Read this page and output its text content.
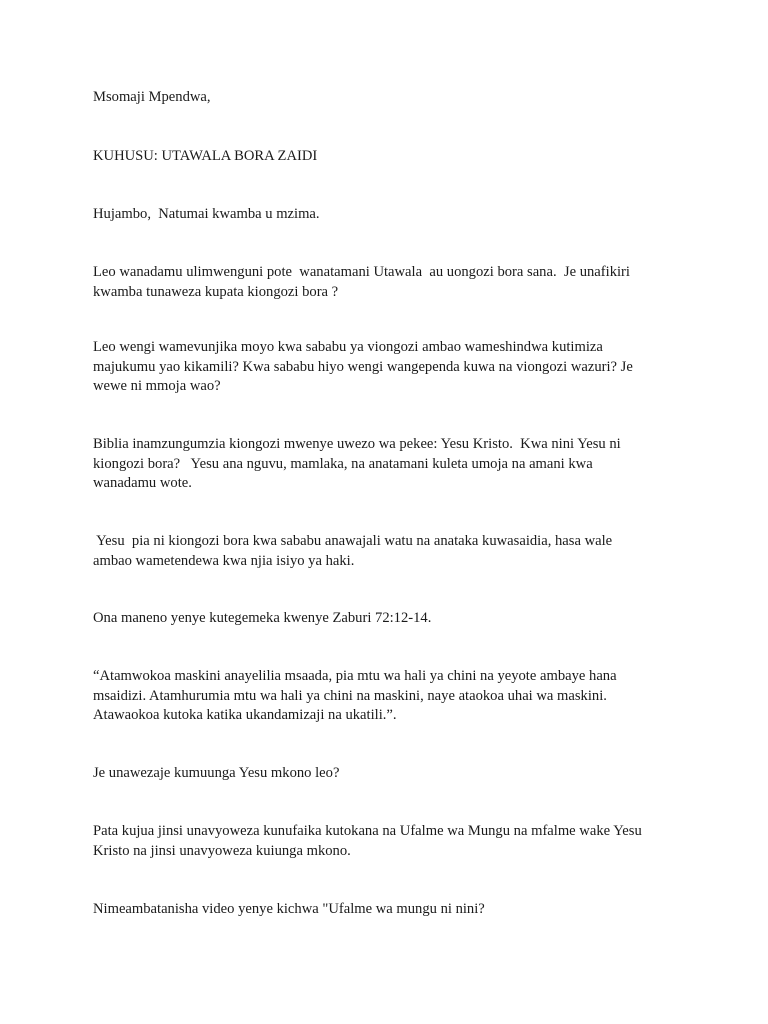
Msomaji Mpendwa,

KUHUSU: UTAWALA BORA ZAIDI

Hujambo,  Natumai kwamba u mzima.

Leo wanadamu ulimwenguni pote  wanatamani Utawala  au uongozi bora sana.  Je unafikiri
kwamba tunaweza kupata kiongozi bora ?

Leo wengi wamevunjika moyo kwa sababu ya viongozi ambao wameshindwa kutimiza
majukumu yao kikamili? Kwa sababu hiyo wengi wangependa kuwa na viongozi wazuri? Je
wewe ni mmoja wao?

Biblia inamzungumzia kiongozi mwenye uwezo wa pekee: Yesu Kristo.  Kwa nini Yesu ni
kiongozi bora?   Yesu ana nguvu, mamlaka, na anatamani kuleta umoja na amani kwa
wanadamu wote.

Yesu  pia ni kiongozi bora kwa sababu anawajali watu na anataka kuwasaidia, hasa wale
ambao wametendewa kwa njia isiyo ya haki.

Ona maneno yenye kutegemeka kwenye Zaburi 72:12-14.

“Atamwokoa maskini anayelilia msaada, pia mtu wa hali ya chini na yeyote ambaye hana
msaidizi. Atamhurumia mtu wa hali ya chini na maskini, naye ataokoa uhai wa maskini.
Atawaokoa kutoka katika ukandamizaji na ukatili.”.

Je unawezaje kumuunga Yesu mkono leo?

Pata kujua jinsi unavyoweza kunufaika kutokana na Ufalme wa Mungu na mfalme wake Yesu
Kristo na jinsi unavyoweza kuiunga mkono.

Nimeambatanisha video yenye kichwa "Ufalme wa mungu ni nini?
